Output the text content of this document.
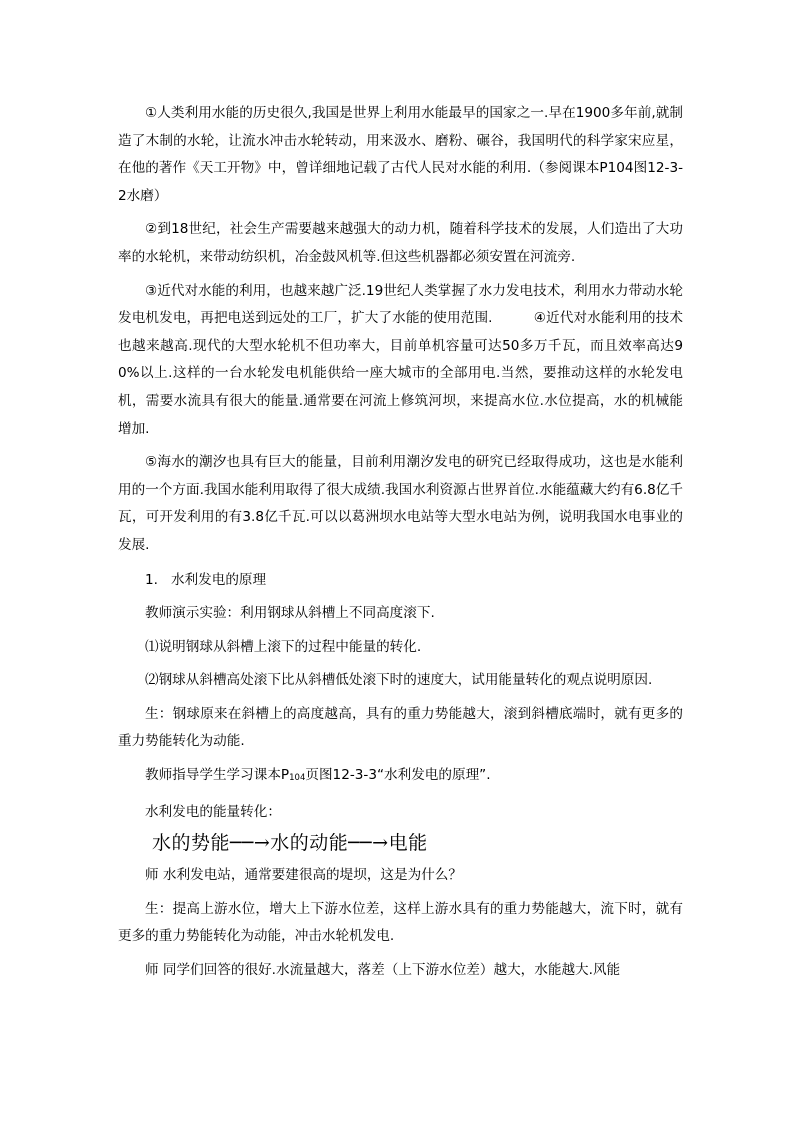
①人类利用水能的历史很久,我国是世界上利用水能最早的国家之一.早在1900多年前,就制造了木制的水轮，让流水冲击水轮转动，用来汲水、磨粉、碾谷，我国明代的科学家宋应星，在他的著作《天工开物》中，曾详细地记载了古代人民对水能的利用.（参阅课本P104图12-3-2水磨）

②到18世纪，社会生产需要越来越强大的动力机，随着科学技术的发展，人们造出了大功率的水轮机，来带动纺织机，冶金鼓风机等.但这些机器都必须安置在河流旁.

③近代对水能的利用，也越来越广泛.19世纪人类掌握了水力发电技术，利用水力带动水轮发电机发电，再把电送到远处的工厂，扩大了水能的使用范围.　　　④近代对水能利用的技术也越来越高.现代的大型水轮机不但功率大，目前单机容量可达50多万千瓦，而且效率高达90%以上.这样的一台水轮发电机能供给一座大城市的全部用电.当然，要推动这样的水轮发电机，需要水流具有很大的能量.通常要在河流上修筑河坝，来提高水位.水位提高，水的机械能增加.

⑤海水的潮汐也具有巨大的能量，目前利用潮汐发电的研究已经取得成功，这也是水能利用的一个方面.我国水能利用取得了很大成绩.我国水利资源占世界首位.水能蕴藏大约有6.8亿千瓦，可开发利用的有3.8亿千瓦.可以以葛洲坝水电站等大型水电站为例，说明我国水电事业的发展.

1. 水利发电的原理

教师演示实验：利用钢球从斜槽上不同高度滚下.

⑴说明钢球从斜槽上滚下的过程中能量的转化.

⑵钢球从斜槽高处滚下比从斜槽低处滚下时的速度大，试用能量转化的观点说明原因.

生：钢球原来在斜槽上的高度越高，具有的重力势能越大，滚到斜槽底端时，就有更多的重力势能转化为动能.

教师指导学生学习课本P104页图12-3-3“水利发电的原理”.

水利发电的能量转化：

水的势能──→水的动能──→电能

师 水利发电站，通常要建很高的堤坝，这是为什么？

生：提高上游水位，增大上下游水位差，这样上游水具有的重力势能越大，流下时，就有更多的重力势能转化为动能，冲击水轮机发电.

师 同学们回答的很好.水流量越大，落差（上下游水位差）越大，水能越大.风能
